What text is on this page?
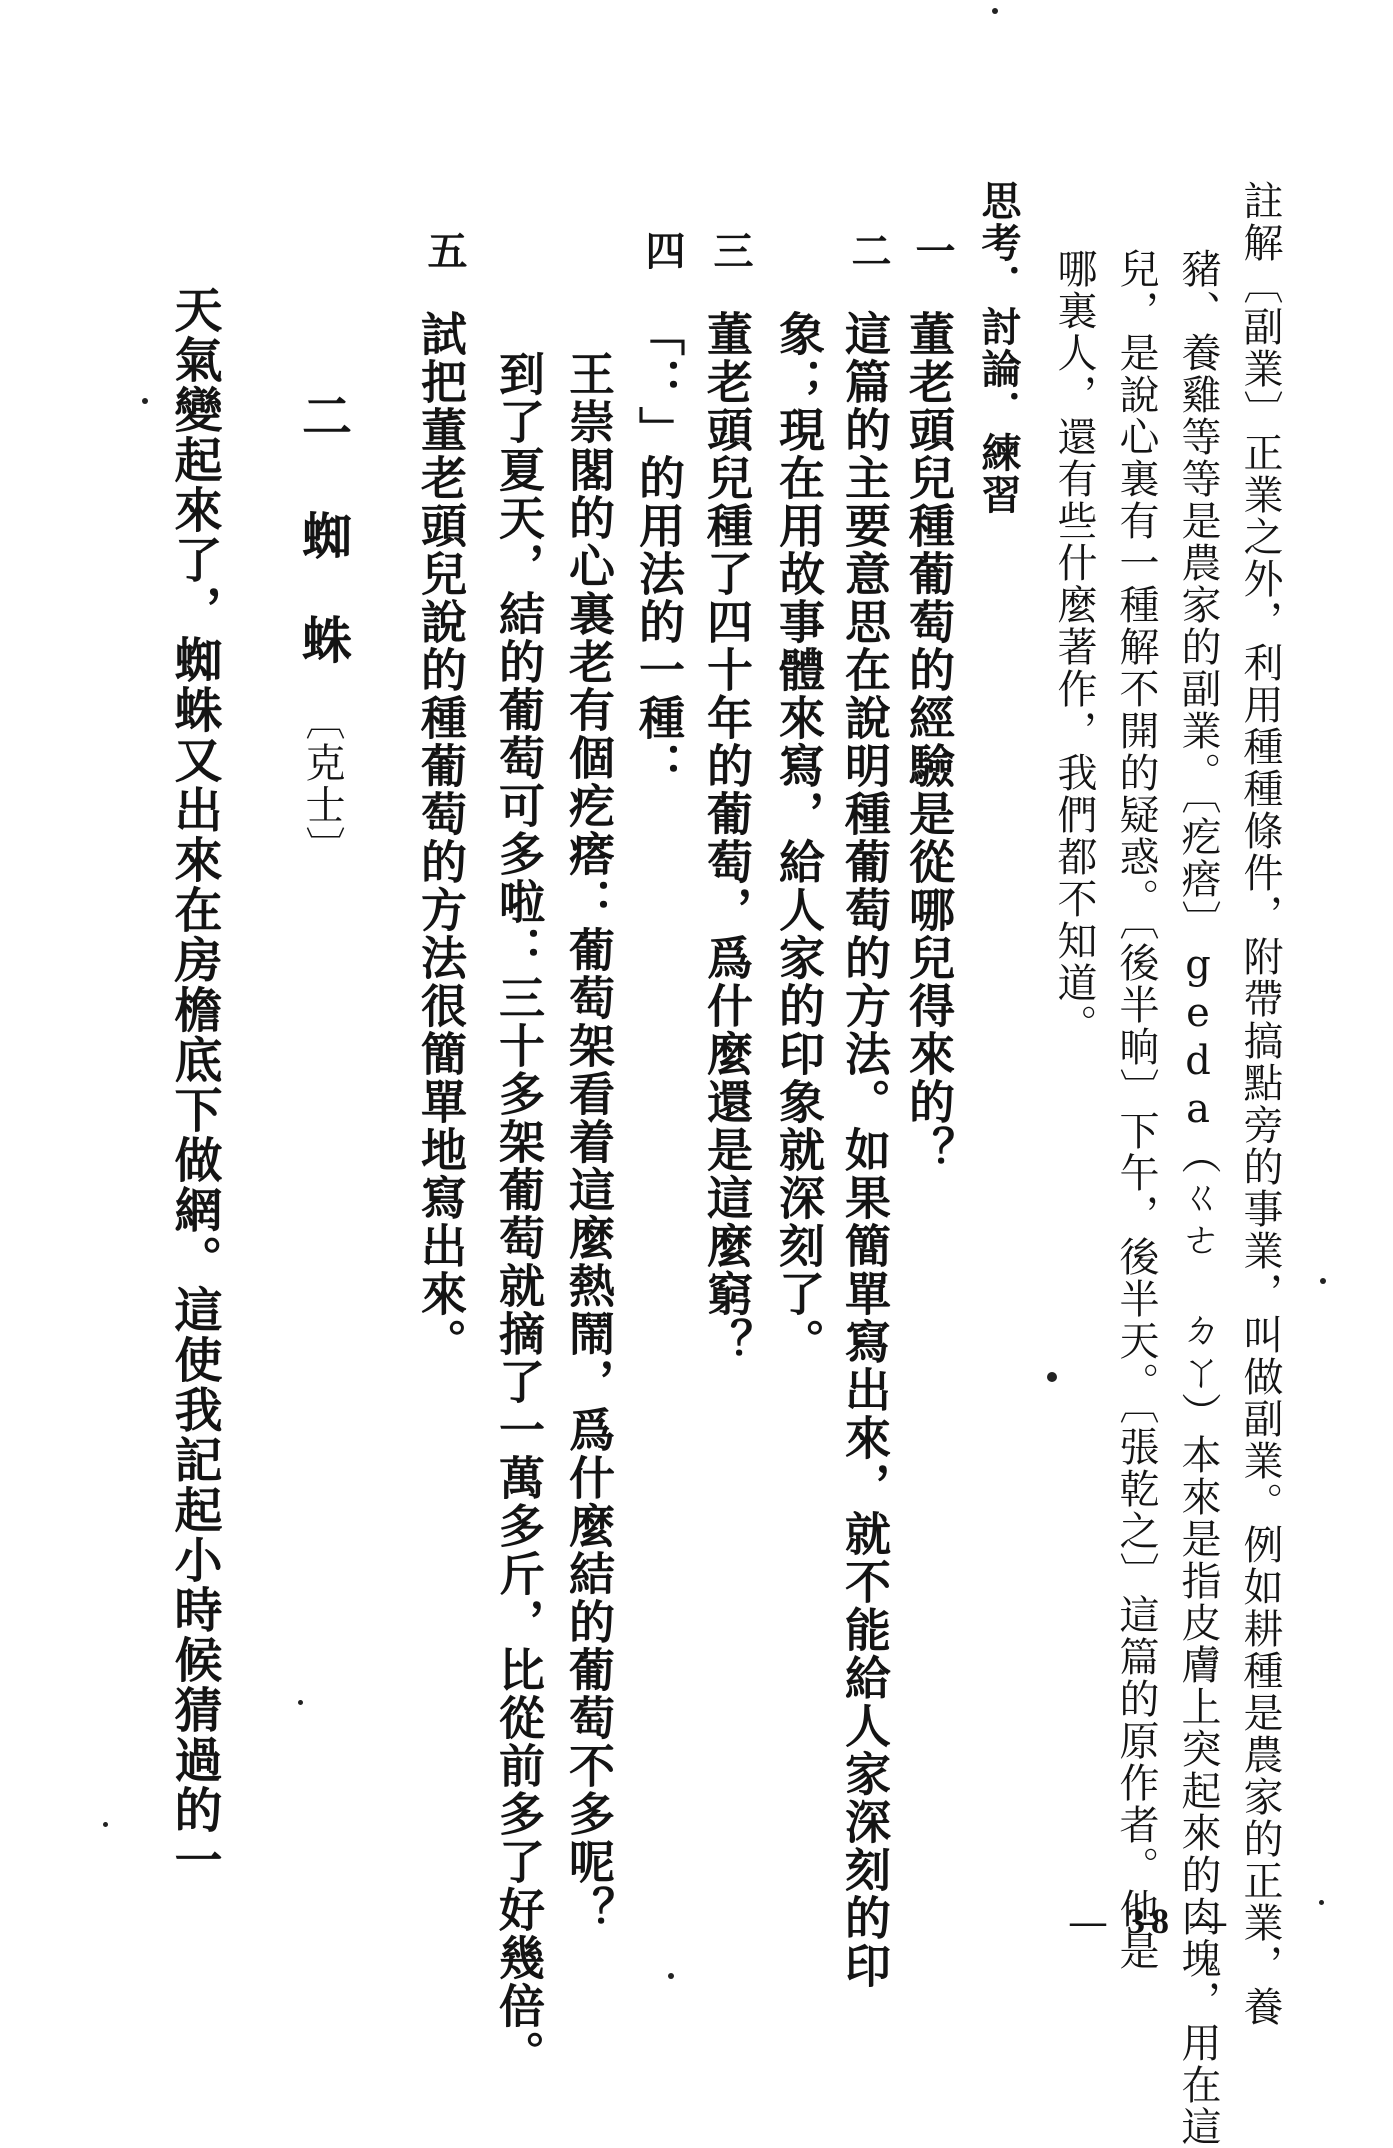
註解〔副業〕正業之外，利用種種條件，附帶搞點旁的事業，叫做副業。例如耕種是農家的正業，養
豬、養雞等等是農家的副業。〔疙瘩〕geda（ㄍㄜ ㄉㄚ）本來是指皮膚上突起來的肉塊，用在這
兒，是說心裏有一種解不開的疑惑。〔後半晌〕下午，後半天。〔張乾之〕這篇的原作者。他是
哪裏人，還有些什麼著作，我們都不知道。
思考．討論．練習
一
董老頭兒種葡萄的經驗是從哪兒得來的？
二
這篇的主要意思在說明種葡萄的方法。如果簡單寫出來，就不能給人家深刻的印
象；現在用故事體來寫，給人家的印象就深刻了。
三
董老頭兒種了四十年的葡萄，爲什麼還是這麼窮？
四
「：」的用法的一種：
王崇閣的心裏老有個疙瘩：葡萄架看着這麼熱鬧，爲什麼結的葡萄不多呢？
到了夏天，結的葡萄可多啦：三十多架葡萄就摘了一萬多斤，比從前多了好幾倍。
五
試把董老頭兒說的種葡萄的方法很簡單地寫出來。
二
蜘　蛛
〔克士〕
天氣變起來了，蜘蛛又出來在房檐底下做網。這使我記起小時候猜過的一
— 38 —
